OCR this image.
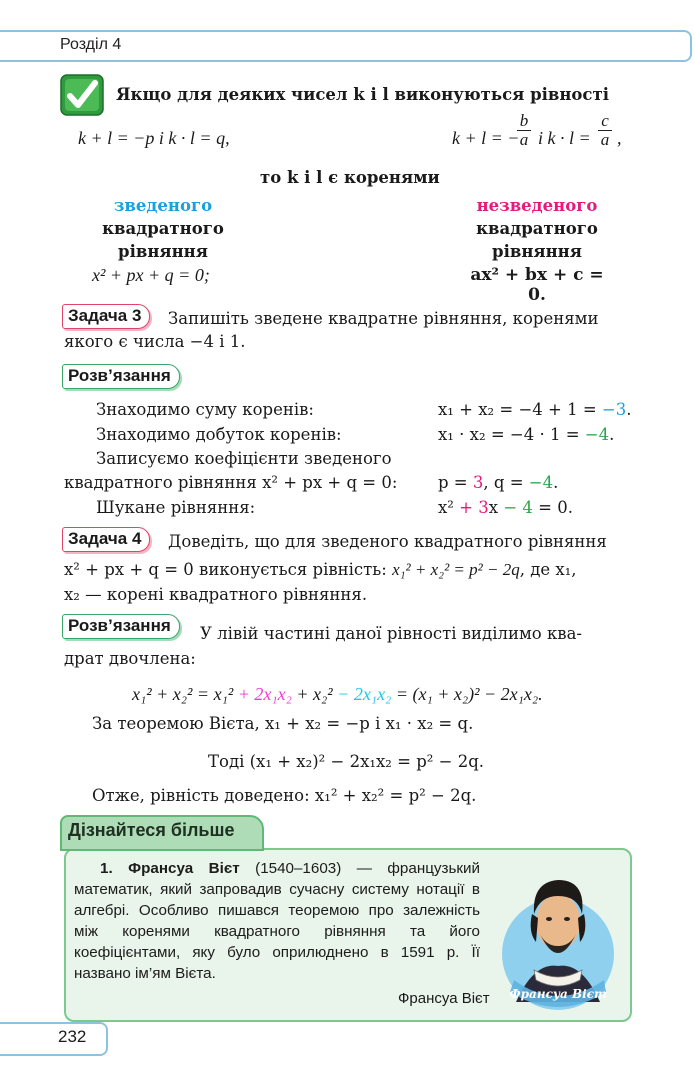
Розділ 4
Якщо для деяких чисел k і l виконуються рівності
k + l = −p і k · l = q,	k + l = −
$\frac{b}{a}$ і $k \cdot l = \frac{c}{a}$ ,
то k і l є коренями
зведеного
квадратного
рівняння
x² + px + q = 0;
незведеного
квадратного
рівняння
ax² + bx + c = 0.
Задача 3	Запишіть зведене квадратне рівняння, коренями
якого є числа −4 і 1.
Розв’язання
Знаходимо суму коренів:	x₁ + x₂ = −4 + 1 = −3.
Знаходимо добуток коренів:	x₁ · x₂ = −4 · 1 = −4.
Записуємо коефіцієнти зведеного
квадратного рівняння x² + px + q = 0: p = 3, q = −4.
Шукане рівняння:	x² + 3x − 4 = 0.
Задача 4	Доведіть, що для зведеного квадратного рівняння
x² + px + q = 0 виконується рівність: x₁² + x₂² = p² − 2q, де x₁,
x₂ — корені квадратного рівняння.
Розв’язання	У лівій частині даної рівності виділимо ква-
драт двочлена:
x₁² + x₂² = x₁² + 2x₁x₂ + x₂² − 2x₁x₂ = (x₁ + x₂)² − 2x₁x₂.
За теоремою Вієта, x₁ + x₂ = −p і x₁ · x₂ = q.
Тоді (x₁ + x₂)² − 2x₁x₂ = p² − 2q.
Отже, рівність доведено: x₁² + x₂² = p² − 2q.
Дізнайтеся більше
1. Франсуа Вієт (1540–1603) — французький математик, який запровадив сучасну систему нотації в алгебрі. Особливо пишався теоремою про залежність між коренями квадратного рівняння та його коефіцієнтами, яку було оприлюднено в 1591 р. Її названо ім’ям Вієта.
Франсуа Вієт
Франсуа Вієт
232
